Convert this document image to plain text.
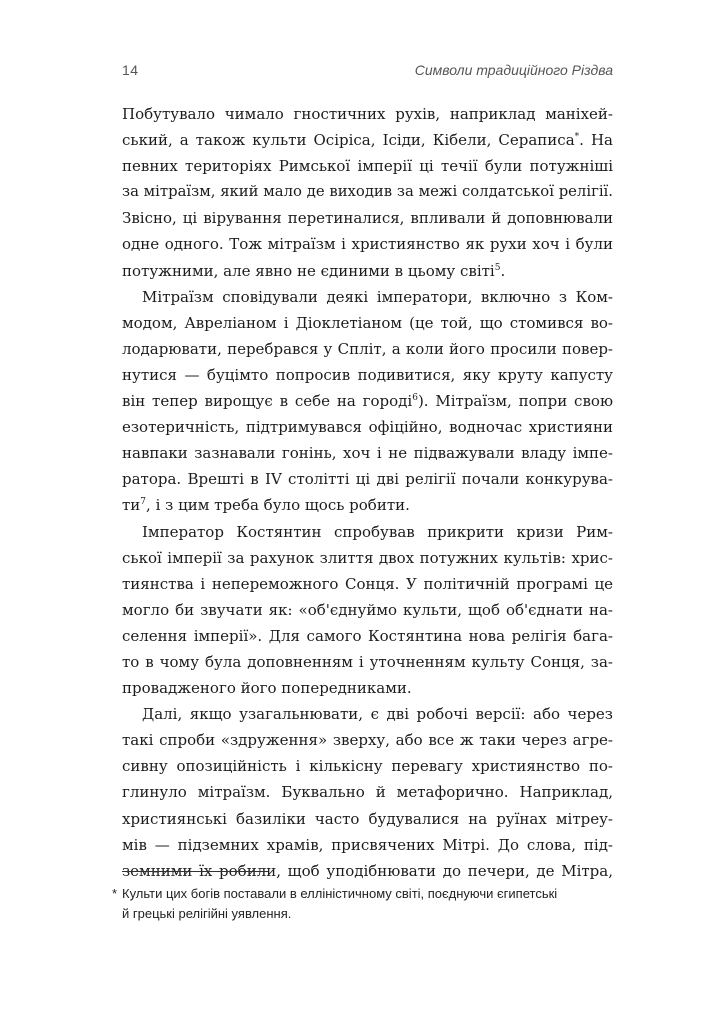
14	Символи традиційного Різдва
Побутувало чимало гностичних рухів, наприклад маніхей-
ський, а також культи Осіріса, Ісіди, Кібели, Сераписа*. На
певних територіях Римської імперії ці течії були потужніші
за мітраїзм, який мало де виходив за межі солдатської релігії.
Звісно, ці вірування перетиналися, впливали й доповнювали
одне одного. Тож мітраїзм і християнство як рухи хоч і були
потужними, але явно не єдиними в цьому світі$^5$.
Мітраїзм сповідували деякі імператори, включно з Ком-
модом, Авреліаном і Діоклетіаном (це той, що стомився во-
лодарювати, перебрався у Спліт, а коли його просили повер-
нутися — буцімто попросив подивитися, яку круту капусту
він тепер вирощує в себе на городі$^6$). Мітраїзм, попри свою
езотеричність, підтримувався офіційно, водночас християни
навпаки зазнавали гонінь, хоч і не підважували владу імпе-
ратора. Врешті в IV столітті ці дві релігії почали конкурува-
$ти^7$, і з цим треба було щось робити.
Імператор Костянтин спробував прикрити кризи Рим-
ської імперії за рахунок злиття двох потужних культів: хрис-
тиянства і непереможного Сонця. У політичній програмі це
могло би звучати як: «об'єднуймо культи, щоб об'єднати на-
селення імперії». Для самого Костянтина нова релігія бага-
то в чому була доповненням і уточненням культу Сонця, за-
провадженого його попередниками.
Далі, якщо узагальнювати, є дві робочі версії: або через
такі спроби «здруження» зверху, або все ж таки через агре-
сивну опозиційність і кількісну перевагу християнство по-
глинуло мітраїзм. Буквально й метафорично. Наприклад,
християнські базиліки часто будувалися на руїнах мітреу-
мів — підземних храмів, присвячених Мітрі. До слова, під-
земними їх робили, щоб уподібнювати до печери, де Мітра,
* Культи цих богів поставали в елліністичному світі, поєднуючи єгипетські
й грецькі релігійні уявлення.
